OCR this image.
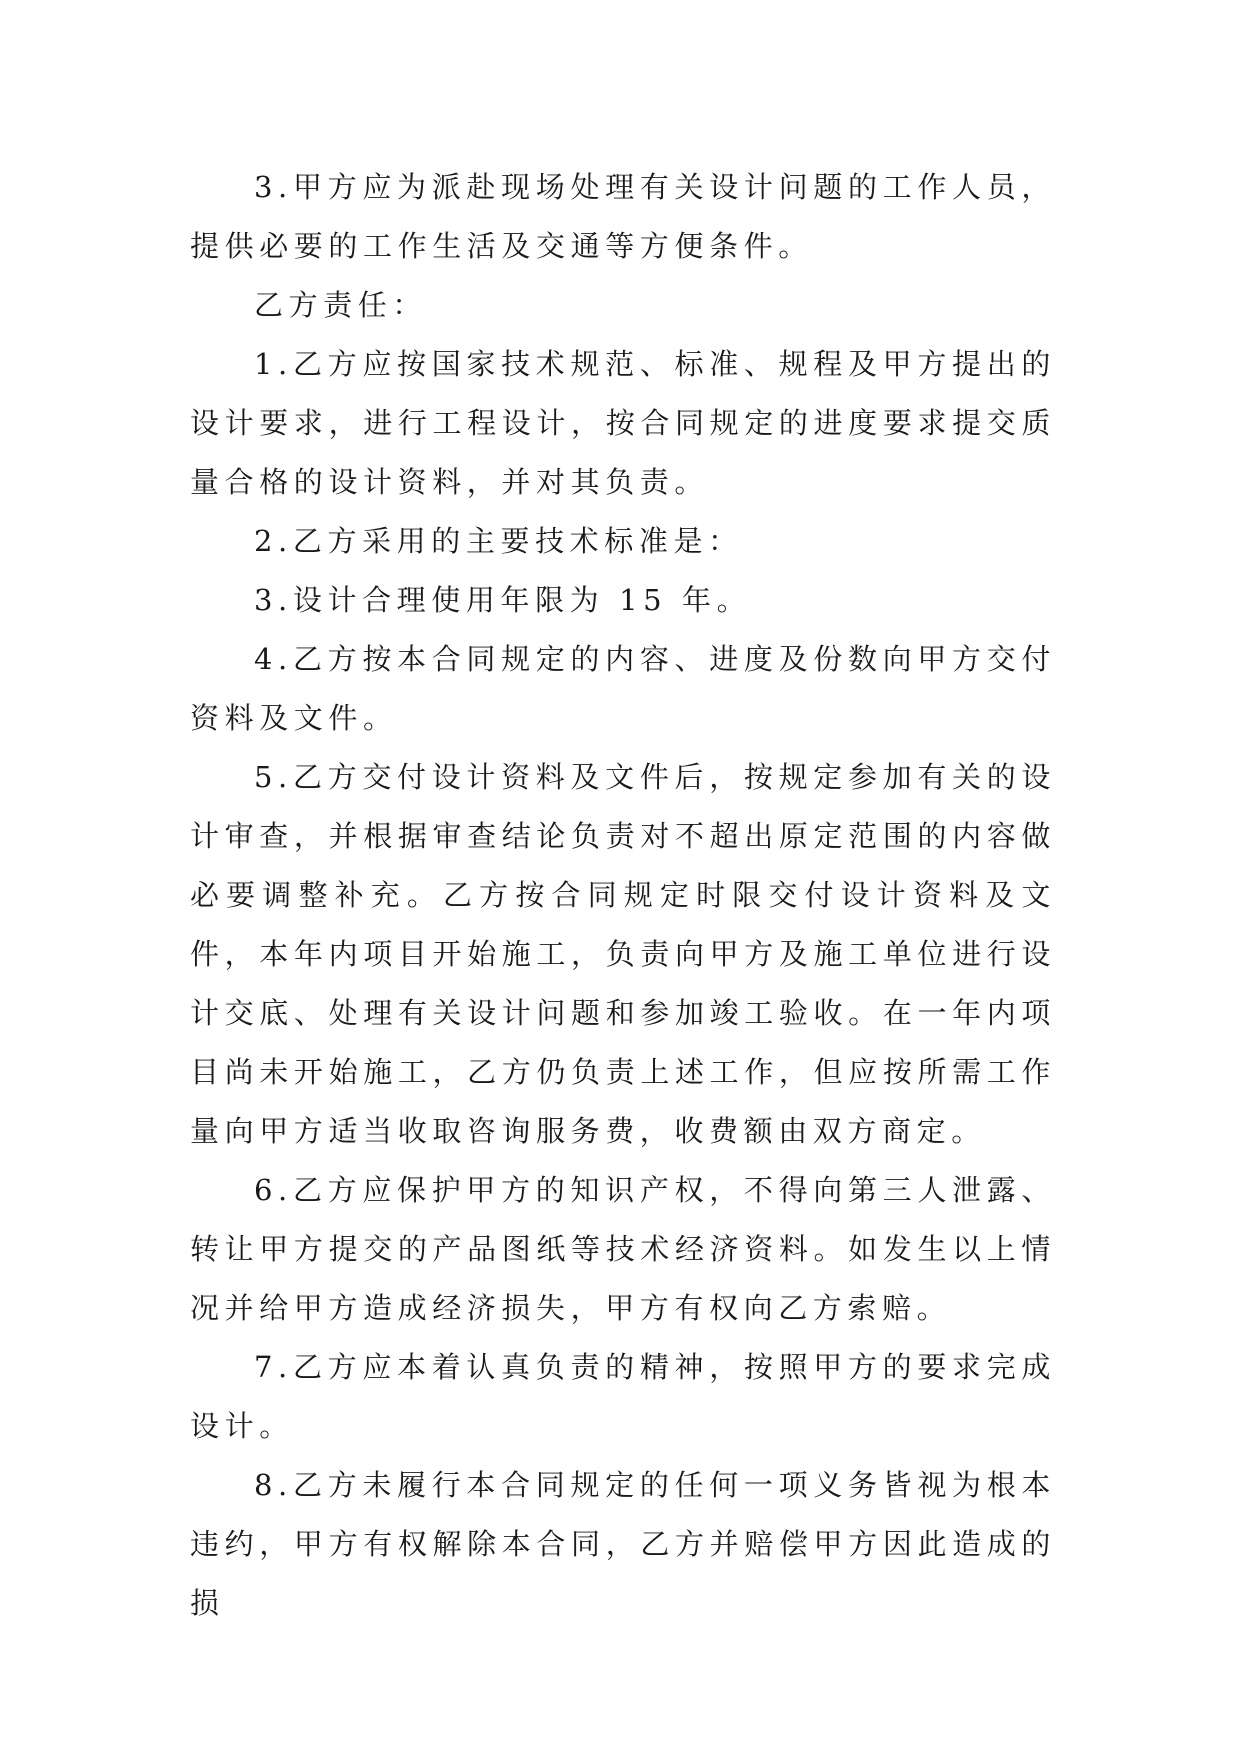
3.甲方应为派赴现场处理有关设计问题的工作人员，提供必要的工作生活及交通等方便条件。

乙方责任：

1.乙方应按国家技术规范、标准、规程及甲方提出的设计要求，进行工程设计，按合同规定的进度要求提交质量合格的设计资料，并对其负责。

2.乙方采用的主要技术标准是：

3.设计合理使用年限为 15 年。

4.乙方按本合同规定的内容、进度及份数向甲方交付资料及文件。

5.乙方交付设计资料及文件后，按规定参加有关的设计审查，并根据审查结论负责对不超出原定范围的内容做必要调整补充。乙方按合同规定时限交付设计资料及文件，本年内项目开始施工，负责向甲方及施工单位进行设计交底、处理有关设计问题和参加竣工验收。在一年内项目尚未开始施工，乙方仍负责上述工作，但应按所需工作量向甲方适当收取咨询服务费，收费额由双方商定。

6.乙方应保护甲方的知识产权，不得向第三人泄露、转让甲方提交的产品图纸等技术经济资料。如发生以上情况并给甲方造成经济损失，甲方有权向乙方索赔。

7.乙方应本着认真负责的精神，按照甲方的要求完成设计。

8.乙方未履行本合同规定的任何一项义务皆视为根本违约，甲方有权解除本合同，乙方并赔偿甲方因此造成的损
